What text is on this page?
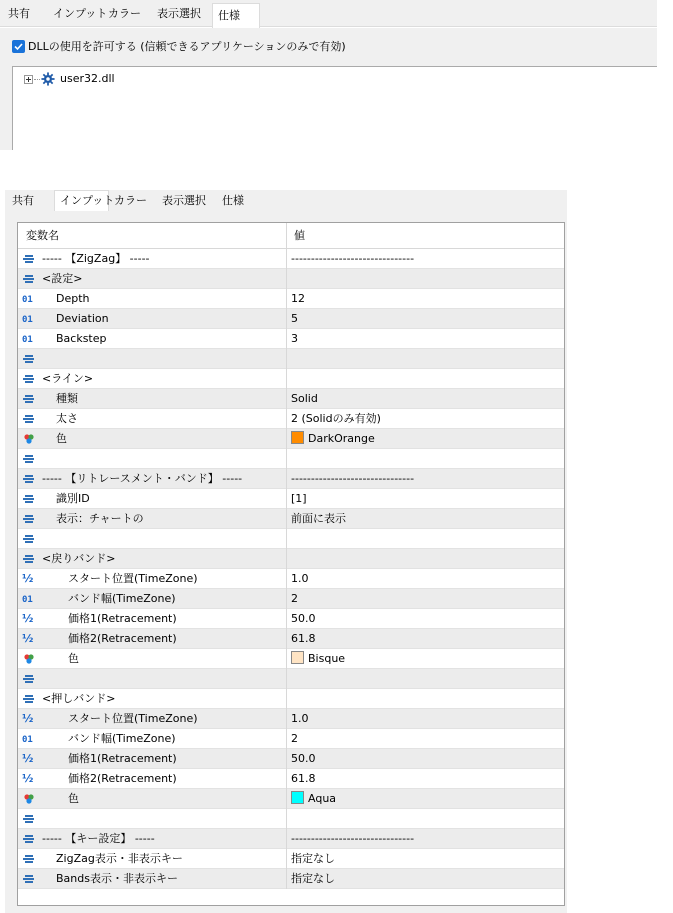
共有 インプット カラー 表示選択	仕様
DLLの使用を許可する (信頼できるアプリケーションのみで有効)
user32.dll
共有	インプット カラー 表示選択 仕様
変数名	値
----- 【ZigZag】 -----	-------------------------------
<設定>
01 Depth	12
01 Deviation	5
01 Backstep	3
<ライン>
種類	Solid
太さ	2 (Solidのみ有効)
色	DarkOrange
----- 【リトレースメント・バンド】 -----	-------------------------------
識別ID	[1]
表示：チャートの	前面に表示
<戻りバンド>
½	スタート位置(TimeZone)	1.0
01	バンド幅(TimeZone)	2
½	価格1(Retracement)	50.0
½	価格2(Retracement)	61.8
色	Bisque
<押しバンド>
½	スタート位置(TimeZone)	1.0
01	バンド幅(TimeZone)	2
½	価格1(Retracement)	50.0
½	価格2(Retracement)	61.8
色	Aqua
----- 【キー設定】 -----	-------------------------------
ZigZag表示・非表示キー	指定なし
Bands表示・非表示キー	指定なし
